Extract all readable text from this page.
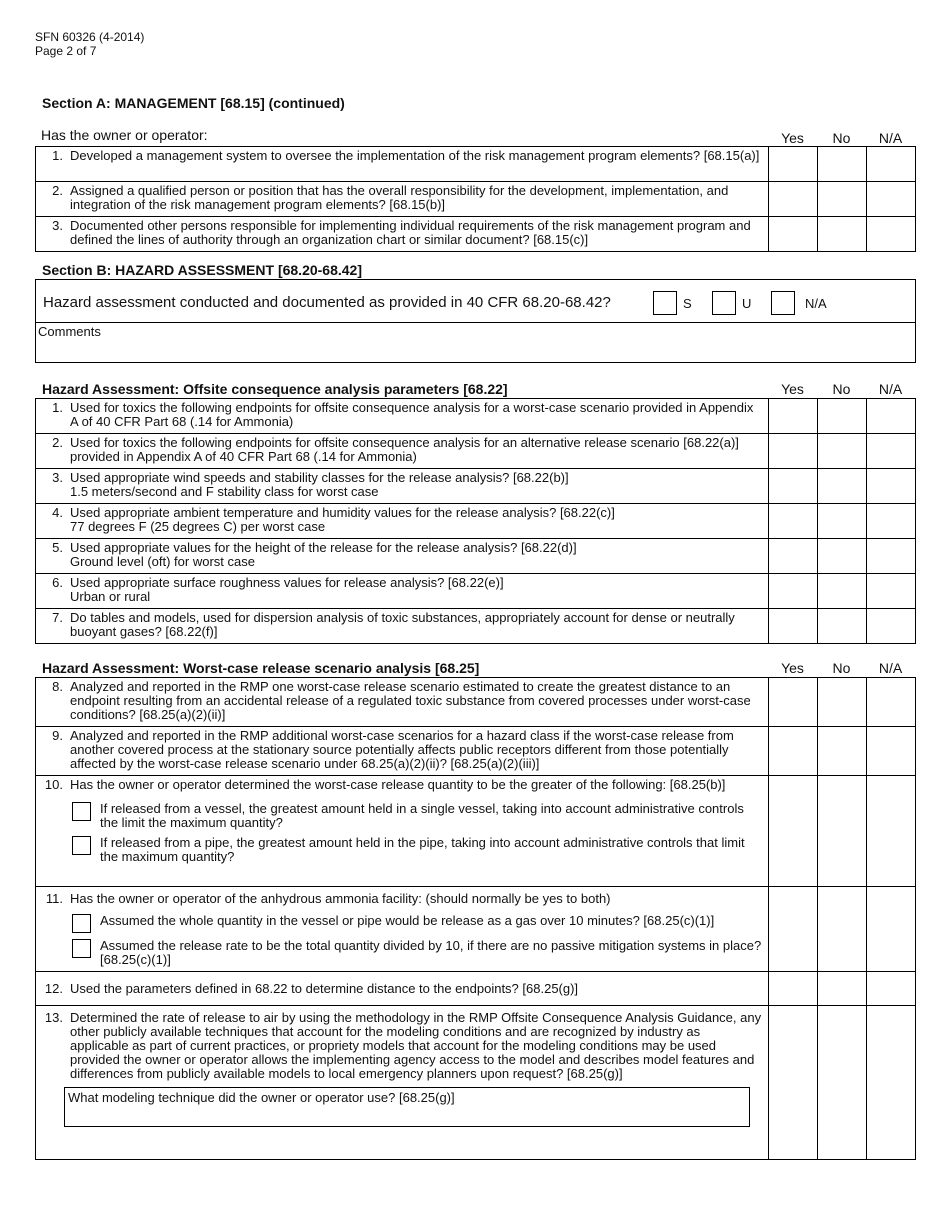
SFN 60326 (4-2014)
Page 2 of 7
Section A: MANAGEMENT [68.15] (continued)
Has the owner or operator:	Yes	No	N/A
1. Developed a management system to oversee the implementation of the risk management program elements? [68.15(a)]			

2. Assigned a qualified person or position that has the overall responsibility for the development, implementation, and integration of the risk management program elements? [68.15(b)]			

3. Documented other persons responsible for implementing individual requirements of the risk management program and defined the lines of authority through an organization chart or similar document? [68.15(c)]			

Section B: HAZARD ASSESSMENT [68.20-68.42]
Hazard assessment conducted and documented as provided in 40 CFR 68.20-68.42?	S	U	N/A
Comments
Hazard Assessment: Offsite consequence analysis parameters [68.22]	Yes	No	N/A
1. Used for toxics the following endpoints for offsite consequence analysis for a worst-case scenario provided in Appendix A of 40 CFR Part 68 (.14 for Ammonia)			

2. Used for toxics the following endpoints for offsite consequence analysis for an alternative release scenario [68.22(a)] provided in Appendix A of 40 CFR Part 68 (.14 for Ammonia)			

3. Used appropriate wind speeds and stability classes for the release analysis? [68.22(b)]
1.5 meters/second and F stability class for worst case			

4. Used appropriate ambient temperature and humidity values for the release analysis? [68.22(c)]
77 degrees F (25 degrees C) per worst case			

5. Used appropriate values for the height of the release for the release analysis? [68.22(d)]
Ground level (oft) for worst case			

6. Used appropriate surface roughness values for release analysis? [68.22(e)]
Urban or rural			

7. Do tables and models, used for dispersion analysis of toxic substances, appropriately account for dense or neutrally buoyant gases? [68.22(f)]			

Hazard Assessment: Worst-case release scenario analysis [68.25]	Yes	No	N/A
8. Analyzed and reported in the RMP one worst-case release scenario estimated to create the greatest distance to an endpoint resulting from an accidental release of a regulated toxic substance from covered processes under worst-case conditions? [68.25(a)(2)(ii)]			

9. Analyzed and reported in the RMP additional worst-case scenarios for a hazard class if the worst-case release from another covered process at the stationary source potentially affects public receptors different from those potentially affected by the worst-case release scenario under 68.25(a)(2)(ii)? [68.25(a)(2)(iii)]			

10. Has the owner or operator determined the worst-case release quantity to be the greater of the following: [68.25(b)]
If released from a vessel, the greatest amount held in a single vessel, taking into account administrative controls the limit the maximum quantity?
If released from a pipe, the greatest amount held in the pipe, taking into account administrative controls that limit the maximum quantity?			

11. Has the owner or operator of the anhydrous ammonia facility: (should normally be yes to both)
Assumed the whole quantity in the vessel or pipe would be release as a gas over 10 minutes? [68.25(c)(1)]
Assumed the release rate to be the total quantity divided by 10, if there are no passive mitigation systems in place? [68.25(c)(1)]			

12. Used the parameters defined in 68.22 to determine distance to the endpoints? [68.25(g)]			

13. Determined the rate of release to air by using the methodology in the RMP Offsite Consequence Analysis Guidance, any other publicly available techniques that account for the modeling conditions and are recognized by industry as applicable as part of current practices, or propriety models that account for the modeling conditions may be used provided the owner or operator allows the implementing agency access to the model and describes model features and differences from publicly available models to local emergency planners upon request? [68.25(g)]
What modeling technique did the owner or operator use? [68.25(g)]			
